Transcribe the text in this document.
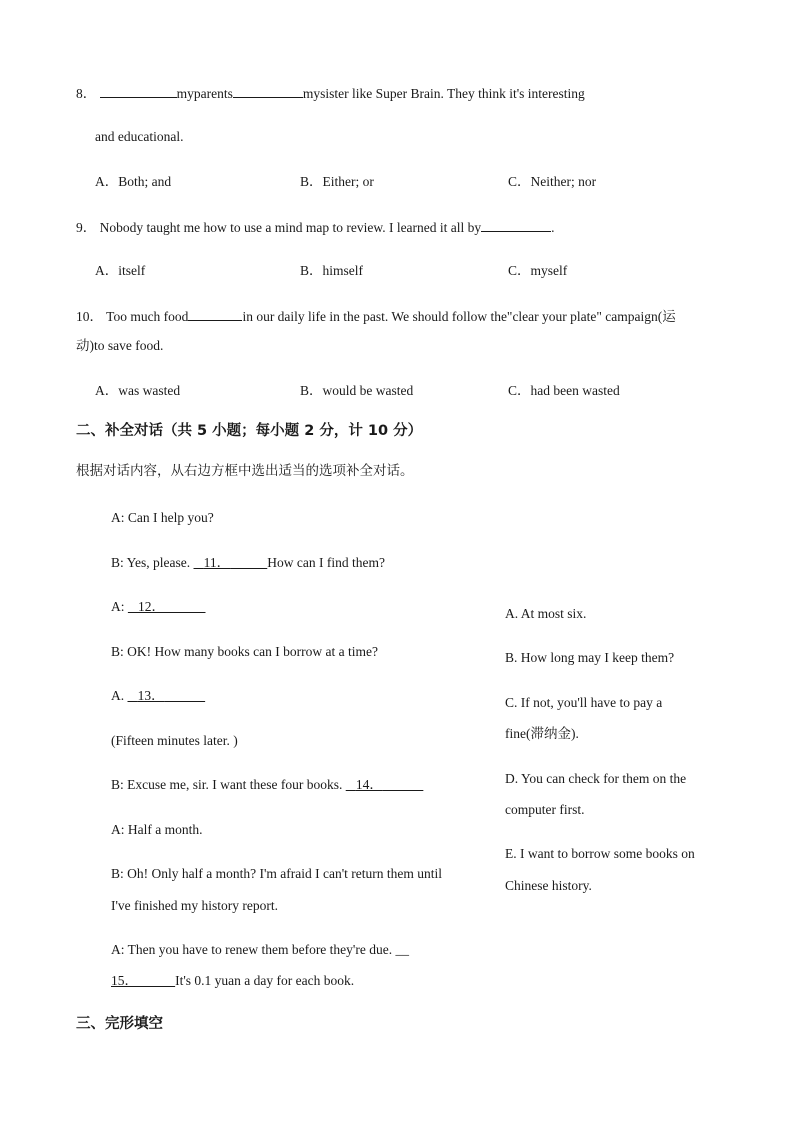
8．	myparents	mysister like Super Brain. They think it's interesting
and educational.
A．Both; and	B．Either; or	C．Neither; nor
9． Nobody taught me how to use a mind map to review. I learned it all by	.
A．itself	B．himself	C．myself
10． Too much food	in our daily life in the past. We should follow the"clear your plate" campaign(运
动)to save food.
A．was wasted	B．would be wasted	C．had been wasted
二、补全对话（共 5 小题；每小题 2 分，计 10 分）
根据对话内容，从右边方框中选出适当的选项补全对话。
A: Can I help you?
B: Yes, please.    11．	How can I find them?
A:    12．
B: OK! How many books can I borrow at a time?
A.    13．
(Fifteen minutes later. )
B: Excuse me, sir. I want these four books.    14．
A: Half a month.
B: Oh! Only half a month? I'm afraid I can't return them until
I've finished my history report.
A: Then you have to renew them before they're due. __
15．	It's 0.1 yuan a day for each book.
A. At most six.
B. How long may I keep them?
C. If not, you'll have to pay a
fine(滞纳金).
D. You can check for them on the
computer first.
E. I want to borrow some books on
Chinese history.
三、完形填空
